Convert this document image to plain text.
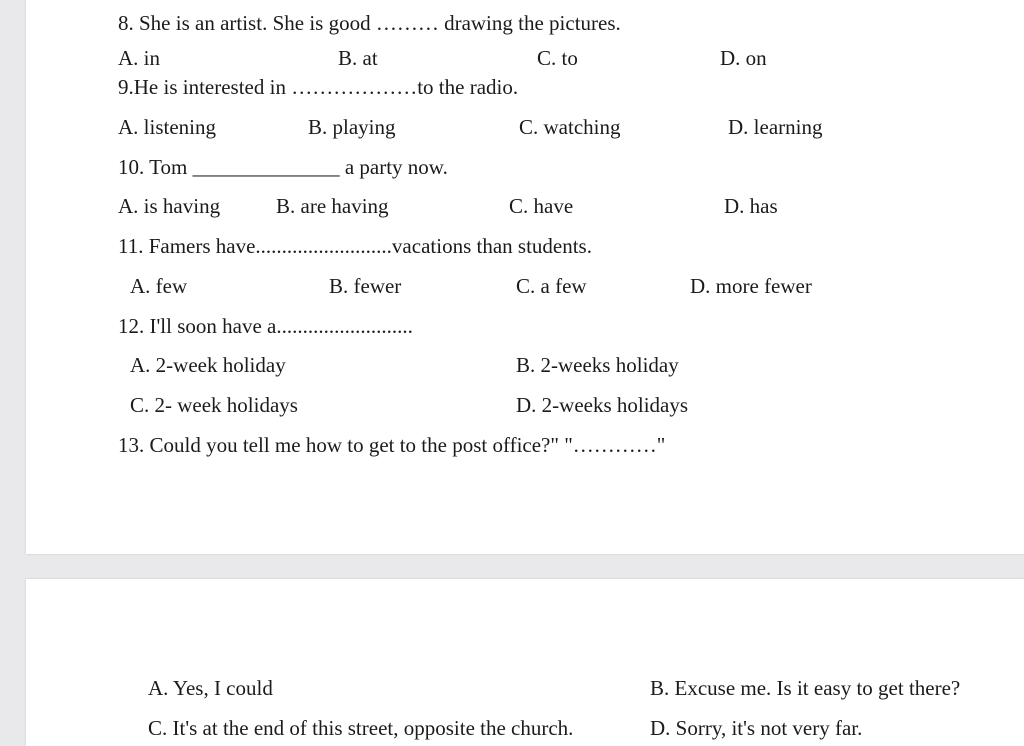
8. She is an artist. She is good ……… drawing the pictures.
A. in	B. at	C. to	D. on
9.He is interested in ………………to the radio.
A. listening	B. playing	C. watching	D. learning
10. Tom ______________ a party now.
A. is having	B. are having	C. have	D. has
11. Famers have..........................vacations than students.
A. few	B. fewer	C. a few	D. more fewer
12. I'll soon have a..........................
A. 2-week holiday	B. 2-weeks holiday
C. 2- week holidays	D. 2-weeks holidays
13. Could you tell me how to get to the post office?" "…………"
A. Yes, I could	B. Excuse me. Is it easy to get there?
C. It's at the end of this street, opposite the church.	D. Sorry, it's not very far.
